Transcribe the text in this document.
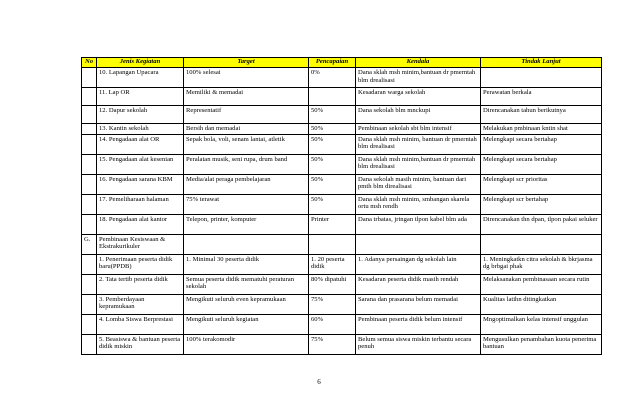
No	Jenis Kegiatan	Target	Pencapaian	Kendala	Tindak Lanjut
	10. Lapangan Upacara	100% selesai	0%	Dana sklah msh minim,bantuan dr pmerntah blm drealisasi	
	11. Lap OR	Memiliki & memadai		Kesadaran warga sekolah	Perawatan berkala
	12. Dapur sekolah	Representatif	50%	Dana sekolah blm mnckupi	Direncanakan tahun berikutnya
	13. Kantin sekolah	Bersih dan memadai	50%	Pembinaan sekolah sbt blm intensif	Melakukan pmbinaan kntin shat
	14. Pengadaan alat OR	Sepak bola, voli, senam lantai, atletik	50%	Dana sklah msh minim, bantuan dr pmerntah blm drealisasi	Melengkapi secara bertahap
	15. Pengadaan alat kesenian	Peralatan musik, seni rupa, drum band	50%	Dana sklah msh minim,bantuan dr pmerntah blm drealisasi	Melengkapi secara bertahap
	16. Pengadaan sarana KBM	Media/alat peraga pembelajaran	50%	Dana sekolah masih minim, bantuan dari pmth blm direalisasi	Melengkapi scr prioritas
	17. Pemeliharaan halaman	75% terawat	50%	Dana sklah msh minim, smbangan skarela ortu msh rendh	Melengkapi scr bertahap
	18. Pengadaan alat kantor	Telepon, printer, komputer	Printer	Dana trbatas, jringan tlpon kabel blm ada	Direncanakan thn dpan, tlpon pakai seluker
G.	Pembinaan Kesiswaan & Ekstrakurikuler				
	1. Penerimaan peserta didik baru(PPDB)	1. Minimal 30 peserta didik	1. 20 peserta didik	1. Adanya persaingan dg sekolah lain	1. Meningkatkn citra sekolah & bkrjasma dg brbgai phak
	2. Tata tertib peserta didik	Semua peserta didik mematuhi peraturan sekolah	80% dipatuhi	Kesadaran peserta didik masih rendah	Melaksanakan pembinasaan secara rutin
	3. Pemberdayaan kepramukaan	Mengikuti seluruh even kepramukaan	75%	Sarana dan prasarana belum memadai	Kualitas latihn ditingkatkan
	4. Lomba Siswa Berprestasi	Mengikuti seluruh kegiatan	60%	Pembinaan peserta didik belum intensif	Mngoptimalkan kelas intensif unggulan
	5. Beasiswa & bantuan peserta didik miskin	100% terakomodir	75%	Belum semua siswa miskin terbantu secara penuh	Mengusulkan penambahan kuota penerima bantuan
6
